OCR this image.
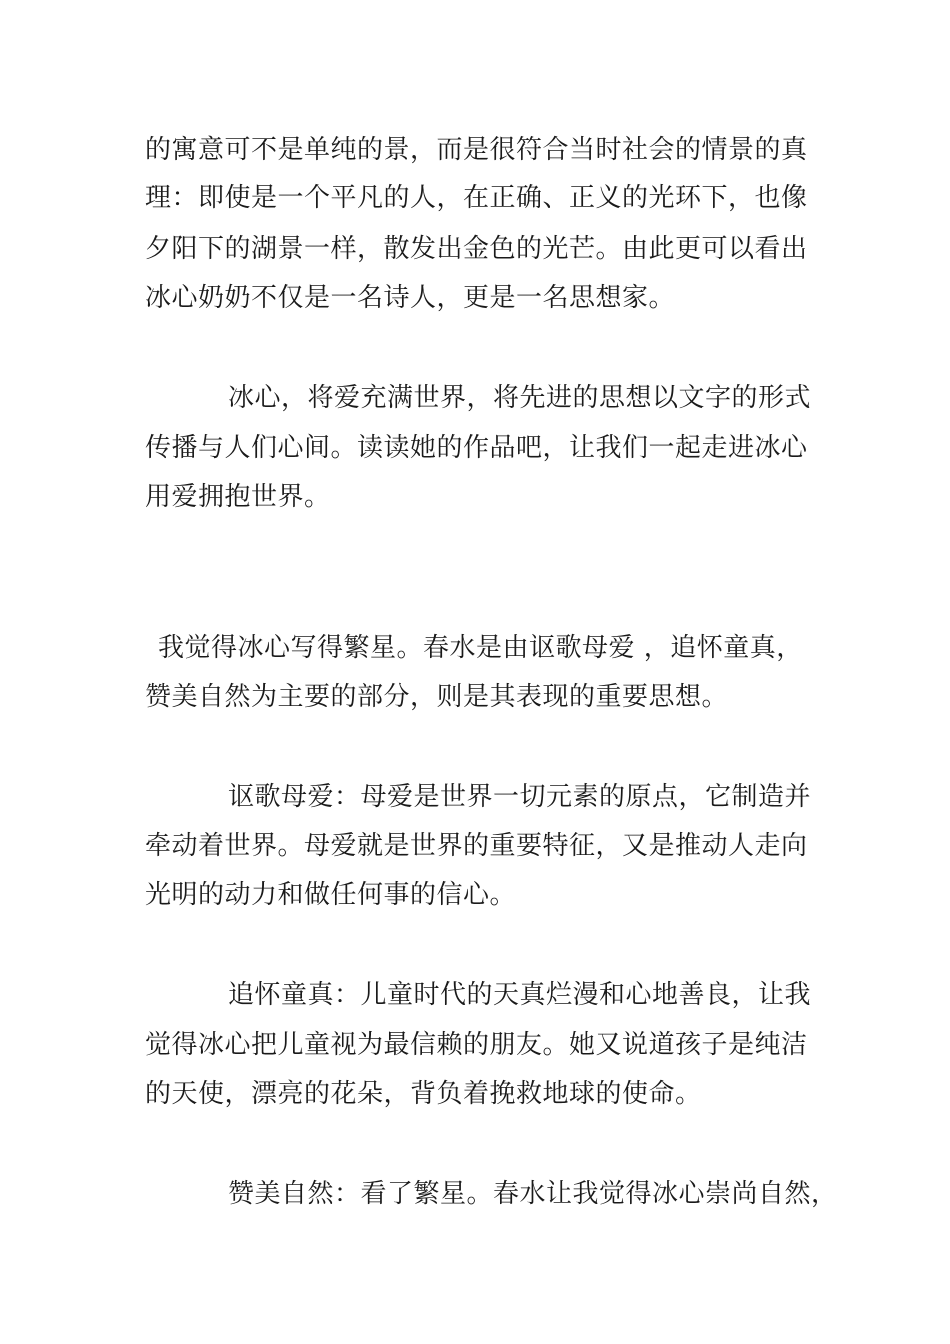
的寓意可不是单纯的景，而是很符合当时社会的情景的真
理：即使是一个平凡的人，在正确、正义的光环下，也像
夕阳下的湖景一样，散发出金色的光芒。由此更可以看出
冰心奶奶不仅是一名诗人，更是一名思想家。
冰心，将爱充满世界，将先进的思想以文字的形式
传播与人们心间。读读她的作品吧，让我们一起走进冰心
用爱拥抱世界。
我觉得冰心写得繁星。春水是由讴歌母爱 ，追怀童真，
赞美自然为主要的部分，则是其表现的重要思想。
讴歌母爱：母爱是世界一切元素的原点，它制造并
牵动着世界。母爱就是世界的重要特征，又是推动人走向
光明的动力和做任何事的信心。
追怀童真：儿童时代的天真烂漫和心地善良，让我
觉得冰心把儿童视为最信赖的朋友。她又说道孩子是纯洁
的天使，漂亮的花朵，背负着挽救地球的使命。
赞美自然：看了繁星。春水让我觉得冰心崇尚自然，
